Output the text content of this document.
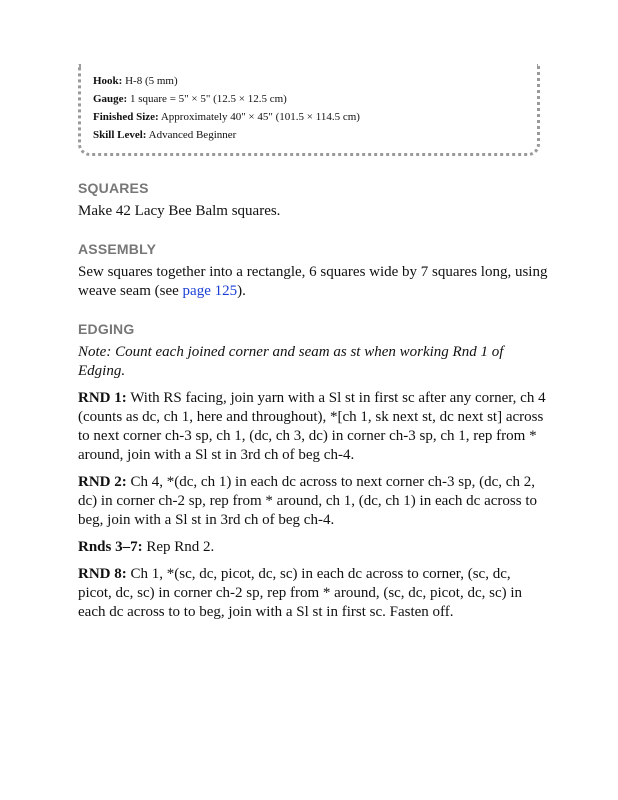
Hook: H-8 (5 mm)
Gauge: 1 square = 5" × 5" (12.5 × 12.5 cm)
Finished Size: Approximately 40" × 45" (101.5 × 114.5 cm)
Skill Level: Advanced Beginner
SQUARES

Make 42 Lacy Bee Balm squares.

ASSEMBLY

Sew squares together into a rectangle, 6 squares wide by 7 squares long, using weave seam (see page 125).

EDGING

Note: Count each joined corner and seam as st when working Rnd 1 of Edging.

RND 1: With RS facing, join yarn with a Sl st in first sc after any corner, ch 4 (counts as dc, ch 1, here and throughout), *[ch 1, sk next st, dc next st] across to next corner ch-3 sp, ch 1, (dc, ch 3, dc) in corner ch-3 sp, ch 1, rep from * around, join with a Sl st in 3rd ch of beg ch-4.

RND 2: Ch 4, *(dc, ch 1) in each dc across to next corner ch-3 sp, (dc, ch 2, dc) in corner ch-2 sp, rep from * around, ch 1, (dc, ch 1) in each dc across to beg, join with a Sl st in 3rd ch of beg ch-4.

Rnds 3–7: Rep Rnd 2.

RND 8: Ch 1, *(sc, dc, picot, dc, sc) in each dc across to corner, (sc, dc, picot, dc, sc) in corner ch-2 sp, rep from * around, (sc, dc, picot, dc, sc) in each dc across to to beg, join with a Sl st in first sc. Fasten off.
